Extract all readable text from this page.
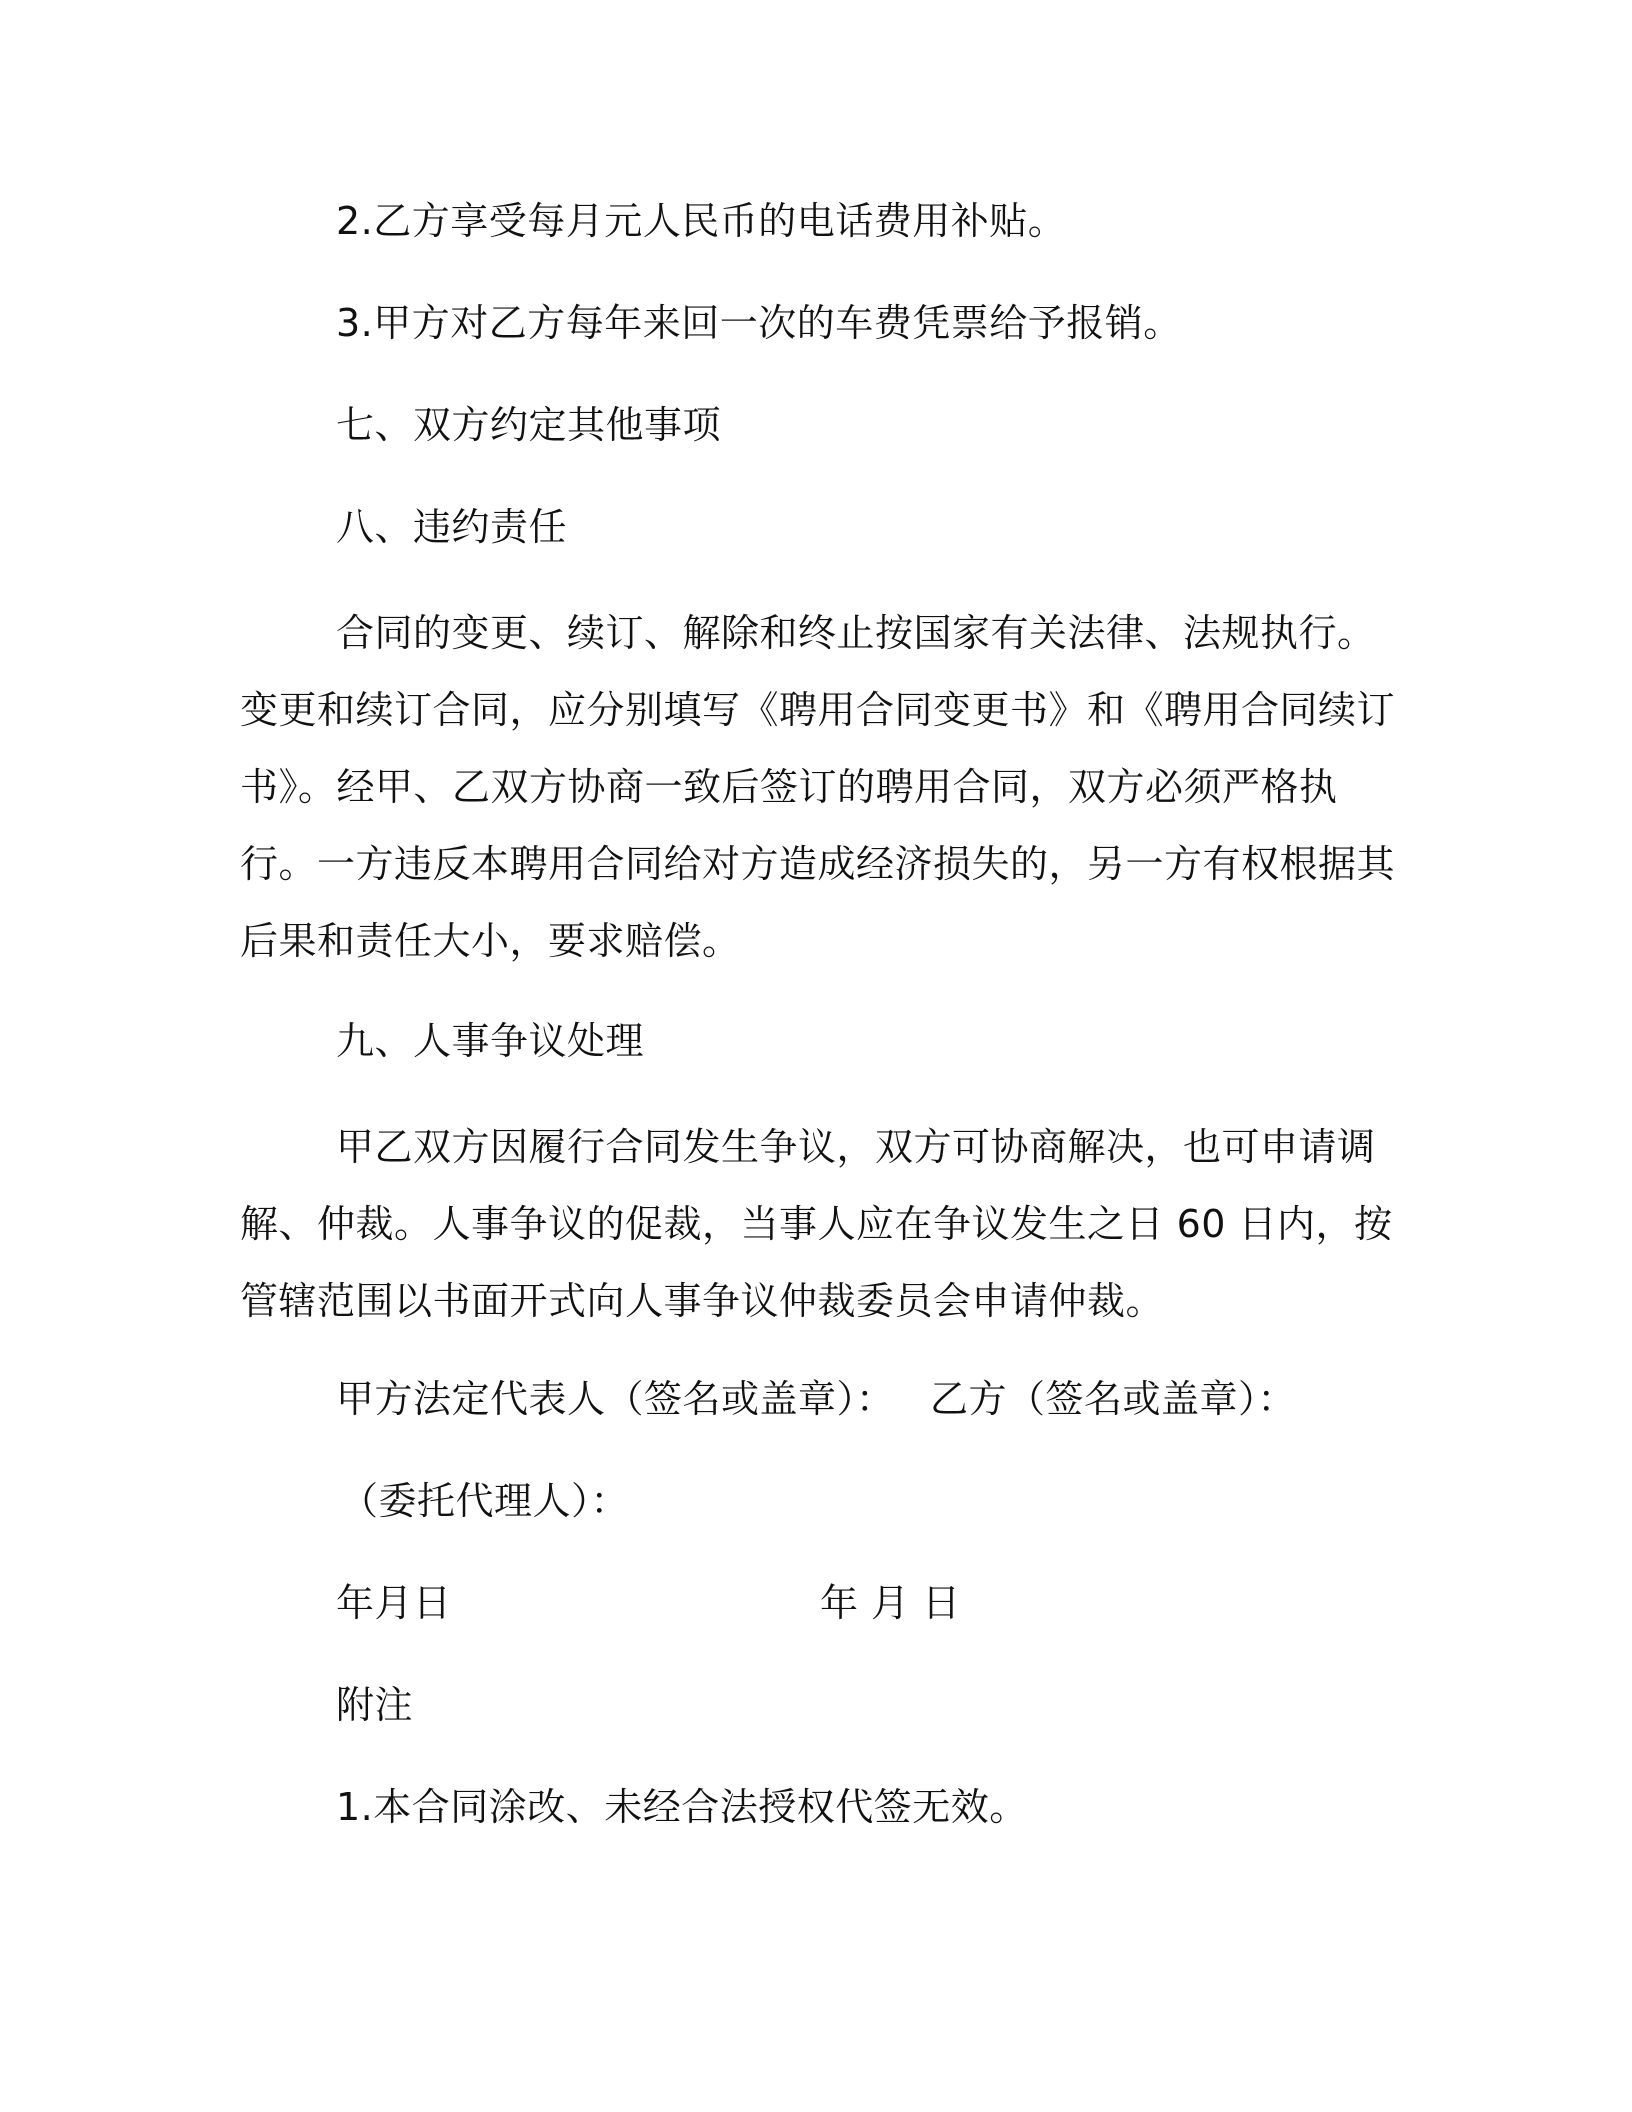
2.乙方享受每月元人民币的电话费用补贴。
3.甲方对乙方每年来回一次的车费凭票给予报销。
七、双方约定其他事项
八、违约责任
合同的变更、续订、解除和终止按国家有关法律、法规执行。变更和续订合同，应分别填写《聘用合同变更书》和《聘用合同续订书》。经甲、乙双方协商一致后签订的聘用合同，双方必须严格执行。一方违反本聘用合同给对方造成经济损失的，另一方有权根据其后果和责任大小，要求赔偿。
九、人事争议处理
甲乙双方因履行合同发生争议，双方可协商解决，也可申请调解、仲裁。人事争议的促裁，当事人应在争议发生之日 60 日内，按管辖范围以书面开式向人事争议仲裁委员会申请仲裁。
甲方法定代表人（签名或盖章）： 乙方（签名或盖章）：
（委托代理人）：
年月日	年 月 日
附注
1.本合同涂改、未经合法授权代签无效。
